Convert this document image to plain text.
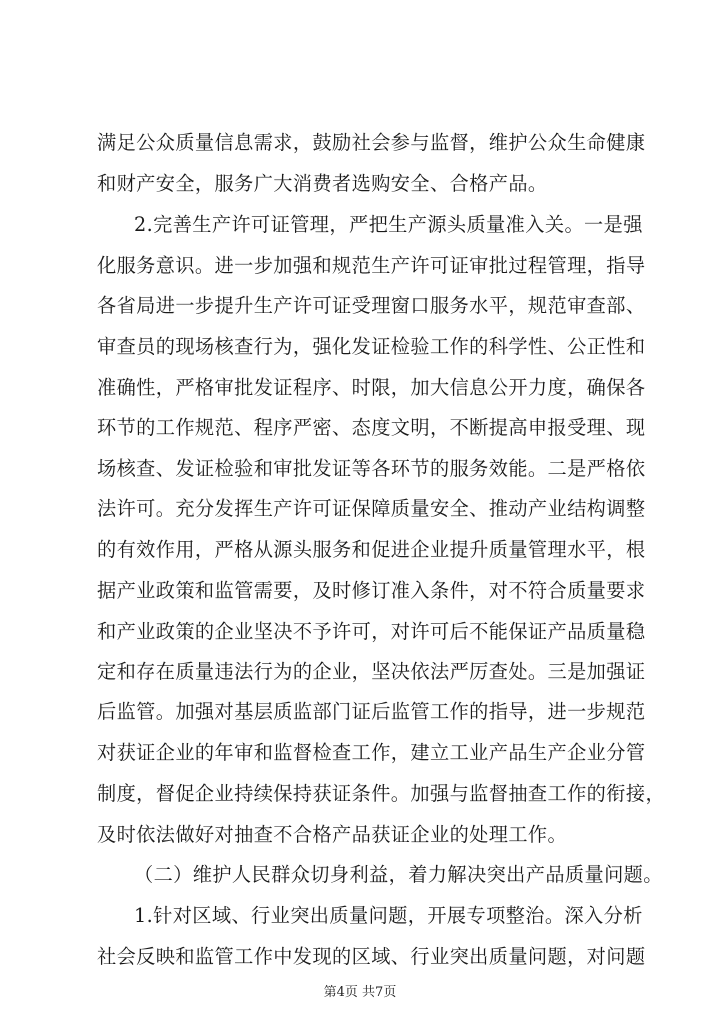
满足公众质量信息需求，鼓励社会参与监督，维护公众生命健康
和财产安全，服务广大消费者选购安全、合格产品。
2.完善生产许可证管理，严把生产源头质量准入关。一是强
化服务意识。进一步加强和规范生产许可证审批过程管理，指导
各省局进一步提升生产许可证受理窗口服务水平，规范审查部、
审查员的现场核查行为，强化发证检验工作的科学性、公正性和
准确性，严格审批发证程序、时限，加大信息公开力度，确保各
环节的工作规范、程序严密、态度文明，不断提高申报受理、现
场核查、发证检验和审批发证等各环节的服务效能。二是严格依
法许可。充分发挥生产许可证保障质量安全、推动产业结构调整
的有效作用，严格从源头服务和促进企业提升质量管理水平，根
据产业政策和监管需要，及时修订准入条件，对不符合质量要求
和产业政策的企业坚决不予许可，对许可后不能保证产品质量稳
定和存在质量违法行为的企业，坚决依法严厉查处。三是加强证
后监管。加强对基层质监部门证后监管工作的指导，进一步规范
对获证企业的年审和监督检查工作，建立工业产品生产企业分管
制度，督促企业持续保持获证条件。加强与监督抽查工作的衔接，
及时依法做好对抽查不合格产品获证企业的处理工作。
（二）维护人民群众切身利益，着力解决突出产品质量问题。
1.针对区域、行业突出质量问题，开展专项整治。深入分析
社会反映和监管工作中发现的区域、行业突出质量问题，对问题
第4页 共7页
